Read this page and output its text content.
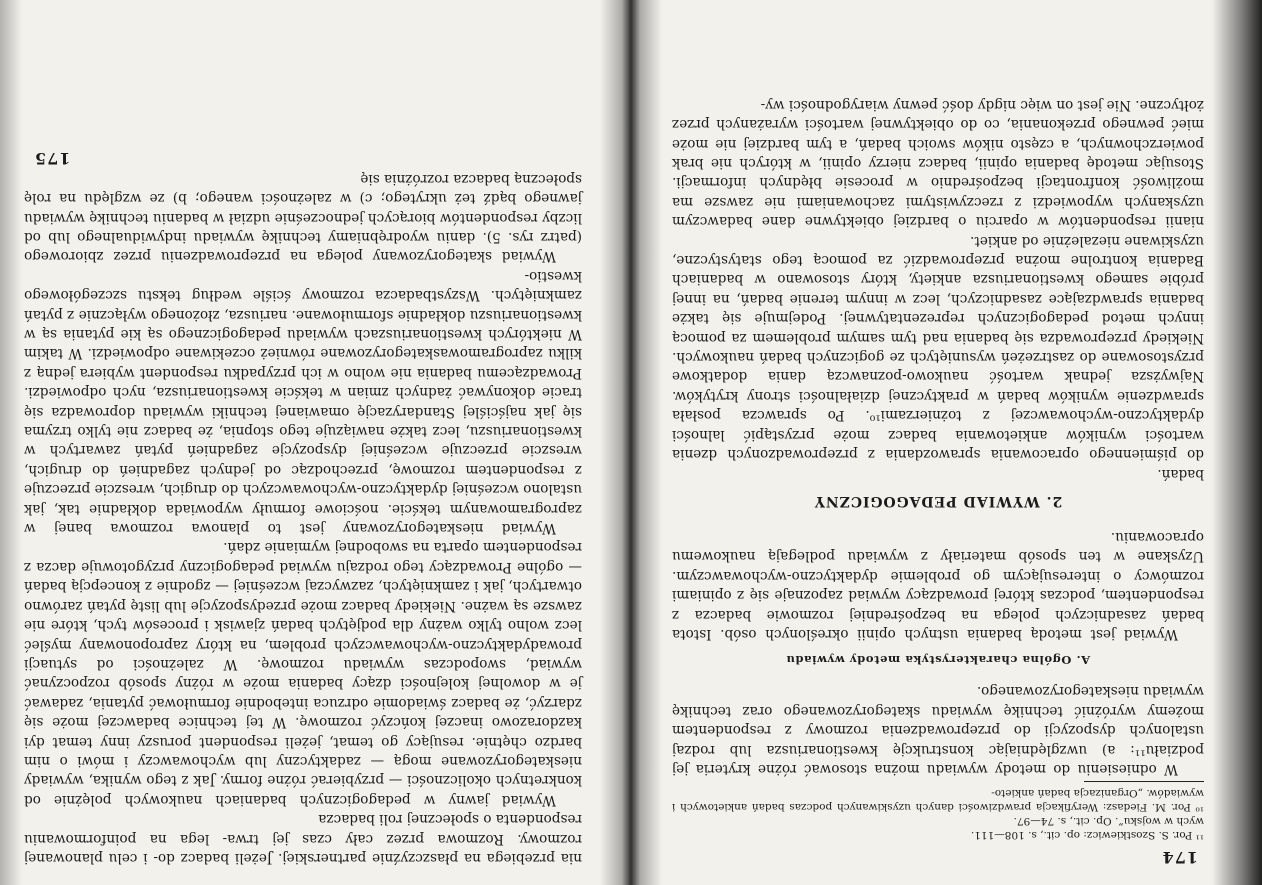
174

¹¹ Por. S. Szostkiewicz: op. cit., s. 108—111.

wych w wojsku”. Op. cit., s. 74—97.

¹⁰ Por. M. Fiedasz: Weryfikacja prawdziwości danych uzyskiwanych podczas badań ankietowych i wywiadów. „Organizacja badań ankieto-

W odniesieniu do metody wywiadu można stosować różne kryteria jej podziału¹¹: a) uwzględniając konstrukcję kwestionariusza lub rodzaj ustalonych dyspozycji do przeprowadzenia rozmowy z respondentem możemy wyróżnić technikę wywiadu skategoryzowanego oraz technikę wywiadu nieskategoryzowanego.

A. Ogólna charakterystyka metody wywiadu

Wywiad jest metodą badania ustnych opinii określonych osób. Istota badań zasadniczych polega na bezpośredniej rozmowie badacza z respondentem, podczas której prowadzący wywiad zapoznaje się z opiniami rozmówcy o interesującym go problemie dydaktyczno-wychowawczym. Uzyskane w ten sposób materiały z wywiadu podlegają naukowemu opracowaniu.

2. WYWIAD PEDAGOGICZNY

badań.

do piśmiennego opracowania sprawozdania z przeprowadzonych dzenia wartości wyników ankietowania badacz może przystąpić lalności dydaktyczno-wychowawczej z tożnierzami¹⁰. Po sprawcza posłała sprawdzenie wyników badań w praktycznej działalności strony krytyków. Najwyższa jednak wartość naukowo-poznawczą dania dodatkowe przystosowane do zastrzeżeń wysuniętych ze gogicznych badań naukowych. Niekiedy przeprowadza się badania nad tym samym problemem za pomocą innych metod pedagogicznych reprezentatywnej. Podejmuje się także badania sprawdzające zasadniczych, lecz w innym terenie badań, na innej próbie samego kwestionariusza ankiety, który stosowano w badaniach Badania kontrolne można przeprowadzić za pomocą tego statystyczne, uzyskiwane niezależnie od ankiet.

nianii respondentów w oparciu o bardziej obiektywne dane badawczym uzyskanych wypowiedzi z rzeczywistymi zachowaniami nie zawsze ma możliwość konfrontacji bezpośrednio w procesie błędnych informacji. Stosując metodę badania opinii, badacz nierzy opinii, w których nie brak powierzchownych, a często ników swoich badań, a tym bardziej nie może mieć pewnego przekonania, co do obiektywnej wartości wyrażanych przez żołtyczne. Nie jest on więc nigdy dość pewny wiarygodności wy-

nia przebiega na płaszczyźnie partnerskiej. Jeżeli badacz do- i celu planowanej rozmowy. Rozmowa przez cały czas jej trwa- lega na poinformowaniu respondenta o społecznej roli badacza

Wywiad jawny w pedagogicznych badaniach naukowych polężnie od konkretnych okoliczności — przybierać różne formy. Jak z tego wynika, wywiady nieskategoryzowane mogą — zadaktyczny lub wychowawczy i mówi o nim bardzo chętnie. resujący go temat, jeżeli respondent poruszy inny temat dyi kazdorazowo inaczej kończyć rozmowę. W tej technice badawczej może się zdarzyć, że badacz świadomie odrzuca intebodnie formułować pytania, zadawać je w dowolnej kolejności dzący badania może w różny sposób rozpoczynać wywiad, swopodczas wywiadu rozmowę. W zależności od sytuacji prowadydaktyczno-wychowawczych problem, na który zaproponowany myśleć lecz wolno tylko ważny dla podjętych badań zjawisk i procesów tych, które nie zawsze są ważne. Niekiedy badacz może przedyspozycje lub listę pytań zarówno otwartych, jak i zamkniętych, zazwyczaj wcześniej — zgodnie z koncepcją badań — ogólne Prowadzący tego rodzaju wywiad pedagogiczny przygotowuje dacza z respondentem oparta na swobodnej wymianie zdań.

Wywiad nieskategoryzowany jest to planowa rozmowa banej w zaprogramowanym tekście. nościowe formuły wypowiada dokładnie tak, jak ustalono wcześniej dydaktyczno-wychowawczych do drugich, wreszcie przeczuje z respondentem rozmowę, przechodząc od jednych zagadnień do drugich, wreszcie przeczuje wcześniej dyspozycje zagadnień pytań zawartych w kwestionariuszu, lecz także nawiązuje tego stopnia, że badacz nie tylko trzyma się jak najściślej Standaryzację omawianej techniki wywiadu doprowadza się tracie dokonywać żadnych zmian w tekście kwestionariusza, nych odpowiedzi. Prowadzącemu badania nie wolno w ich przypadku respondent wybiera jedną z kilku zaprogramowaskategoryzowane również oczekiwane odpowiedzi. W takim W niektórych kwestionariuszach wywiadu pedagogicznego są kie pytania są w kwestionariuszu dokładnie sformułowane. nariusza, złożonego wyłącznie z pytań zamkniętych. Wszystbadacza rozmowy ściśle według tekstu szczegółowego kwestio-

Wywiad skategoryzowany polega na przeprowadzeniu przez zbiorowego (patrz rys. 5). daniu wyodrębniamy technikę wywiadu indywidualnego lub od liczby respondentów biorących jednocześnie udział w badaniu technikę wywiadu jawnego bądź też ukrytego; c) w zależności wanego; b) ze względu na rolę społeczną badacza rozróżnia się

175
